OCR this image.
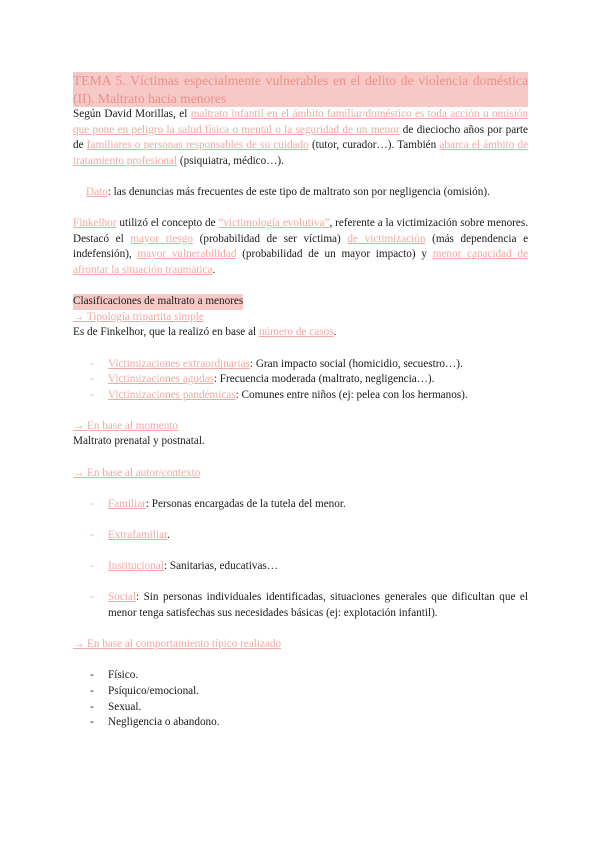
TEMA 5. Víctimas especialmente vulnerables en el delito de violencia doméstica (II). Maltrato hacia menores

Según David Morillas, el maltrato infantil en el ámbito familiar/doméstico es toda acción u omisión que pone en peligro la salud física o mental o la seguridad de un menor de dieciocho años por parte de familiares o personas responsables de su cuidado (tutor, curador…). También abarca el ámbito de tratamiento profesional (psiquiatra, médico…).

Dato: las denuncias más frecuentes de este tipo de maltrato son por negligencia (omisión).

Finkelhor utilizó el concepto de “victimología evolutiva”, referente a la victimización sobre menores. Destacó el mayor riesgo (probabilidad de ser víctima) de victimización (más dependencia e indefensión), mayor vulnerabilidad (probabilidad de un mayor impacto) y menor capacidad de afrontar la situación traumática.

Clasificaciones de maltrato a menores
→ Tipología tripartita simple

Es de Finkelhor, que la realizó en base al número de casos.

- Victimizaciones extraordinarias: Gran impacto social (homicidio, secuestro…).
- Victimizaciones agudas: Frecuencia moderada (maltrato, negligencia…).
- Victimizaciones pandémicas: Comunes entre niños (ej: pelea con los hermanos).
→ En base al momento

Maltrato prenatal y postnatal.

→ En base al autor/contexto
- Familiar: Personas encargadas de la tutela del menor.
- Extrafamiliar.
- Institucional: Sanitarias, educativas…
- Social: Sin personas individuales identificadas, situaciones generales que dificultan que el menor tenga satisfechas sus necesidades básicas (ej: explotación infantil).
→ En base al comportamiento típico realizado
- Físico.
- Psíquico/emocional.
- Sexual.
- Negligencia o abandono.
